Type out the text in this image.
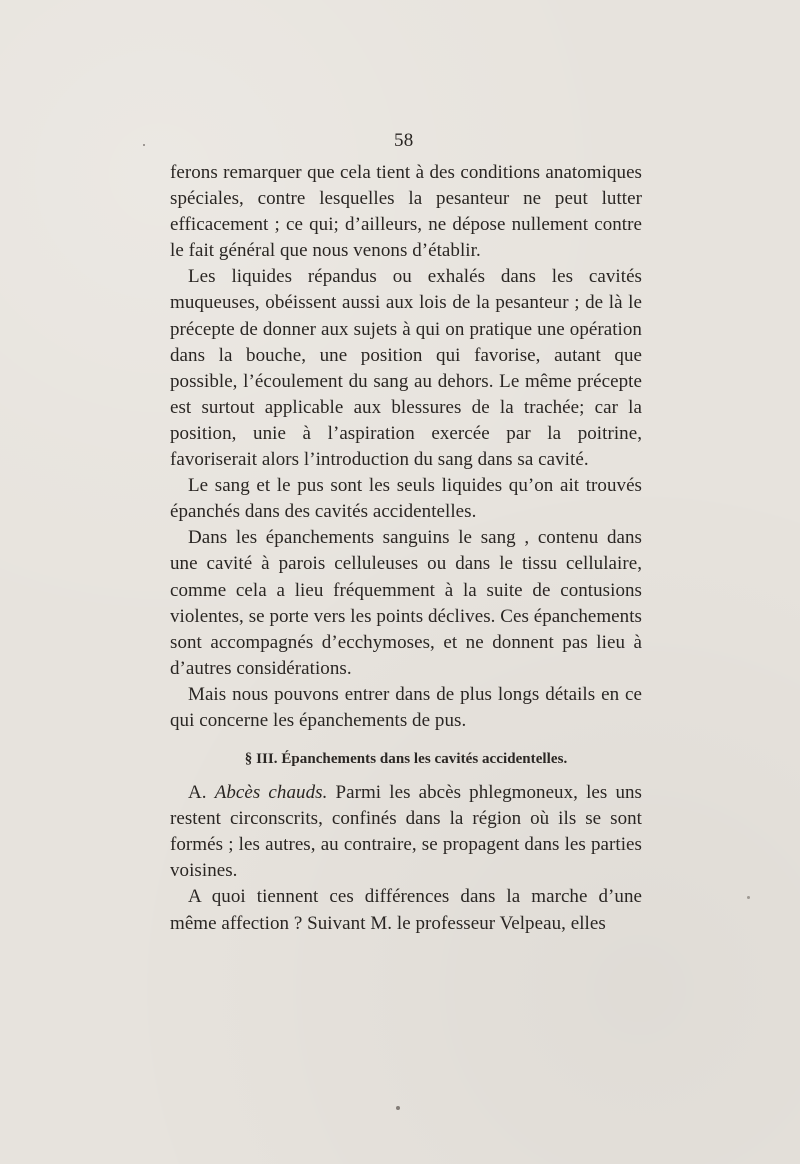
58

ferons remarquer que cela tient à des conditions anatomiques spéciales, contre lesquelles la pesanteur ne peut lutter efficacement ; ce qui; d’ailleurs, ne dépose nullement contre le fait général que nous venons d’établir.

Les liquides répandus ou exhalés dans les cavités muqueuses, obéissent aussi aux lois de la pesanteur ; de là le précepte de donner aux sujets à qui on pratique une opération dans la bouche, une position qui favorise, autant que possible, l’écoulement du sang au dehors. Le même précepte est surtout applicable aux blessures de la trachée; car la position, unie à l’aspiration exercée par la poitrine, favoriserait alors l’introduction du sang dans sa cavité.

Le sang et le pus sont les seuls liquides qu’on ait trouvés épanchés dans des cavités accidentelles.

Dans les épanchements sanguins le sang , contenu dans une cavité à parois celluleuses ou dans le tissu cellulaire, comme cela a lieu fréquemment à la suite de contusions violentes, se porte vers les points déclives. Ces épanchements sont accompagnés d’ecchymoses, et ne donnent pas lieu à d’autres considérations.

Mais nous pouvons entrer dans de plus longs détails en ce qui concerne les épanchements de pus.

§ III. Épanchements dans les cavités accidentelles.

A. Abcès chauds. Parmi les abcès phlegmoneux, les uns restent circonscrits, confinés dans la région où ils se sont formés ; les autres, au contraire, se propagent dans les parties voisines.

A quoi tiennent ces différences dans la marche d’une même affection ? Suivant M. le professeur Velpeau, elles
